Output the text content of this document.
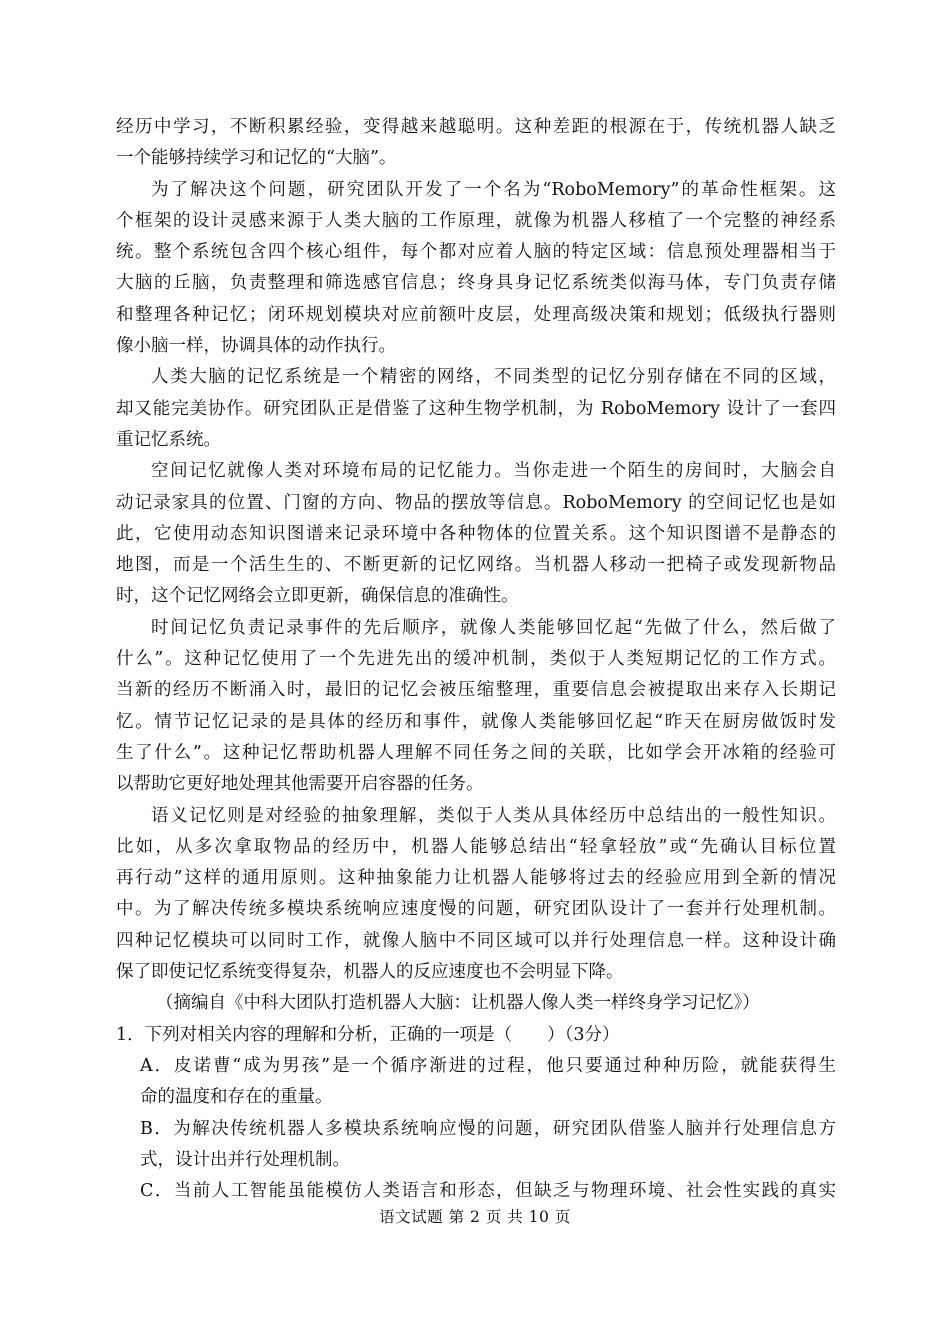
经历中学习，不断积累经验，变得越来越聪明。这种差距的根源在于，传统机器人缺乏
一个能够持续学习和记忆的“大脑”。
为了解决这个问题，研究团队开发了一个名为“RoboMemory”的革命性框架。这
个框架的设计灵感来源于人类大脑的工作原理，就像为机器人移植了一个完整的神经系
统。整个系统包含四个核心组件，每个都对应着人脑的特定区域：信息预处理器相当于
大脑的丘脑，负责整理和筛选感官信息；终身具身记忆系统类似海马体，专门负责存储
和整理各种记忆；闭环规划模块对应前额叶皮层，处理高级决策和规划；低级执行器则
像小脑一样，协调具体的动作执行。
人类大脑的记忆系统是一个精密的网络，不同类型的记忆分别存储在不同的区域，
却又能完美协作。研究团队正是借鉴了这种生物学机制，为 RoboMemory 设计了一套四
重记忆系统。
空间记忆就像人类对环境布局的记忆能力。当你走进一个陌生的房间时，大脑会自
动记录家具的位置、门窗的方向、物品的摆放等信息。RoboMemory 的空间记忆也是如
此，它使用动态知识图谱来记录环境中各种物体的位置关系。这个知识图谱不是静态的
地图，而是一个活生生的、不断更新的记忆网络。当机器人移动一把椅子或发现新物品
时，这个记忆网络会立即更新，确保信息的准确性。
时间记忆负责记录事件的先后顺序，就像人类能够回忆起“先做了什么，然后做了
什么”。这种记忆使用了一个先进先出的缓冲机制，类似于人类短期记忆的工作方式。
当新的经历不断涌入时，最旧的记忆会被压缩整理，重要信息会被提取出来存入长期记
忆。情节记忆记录的是具体的经历和事件，就像人类能够回忆起“昨天在厨房做饭时发
生了什么”。这种记忆帮助机器人理解不同任务之间的关联，比如学会开冰箱的经验可
以帮助它更好地处理其他需要开启容器的任务。
语义记忆则是对经验的抽象理解，类似于人类从具体经历中总结出的一般性知识。
比如，从多次拿取物品的经历中，机器人能够总结出“轻拿轻放”或“先确认目标位置
再行动”这样的通用原则。这种抽象能力让机器人能够将过去的经验应用到全新的情况
中。为了解决传统多模块系统响应速度慢的问题，研究团队设计了一套并行处理机制。
四种记忆模块可以同时工作，就像人脑中不同区域可以并行处理信息一样。这种设计确
保了即使记忆系统变得复杂，机器人的反应速度也不会明显下降。
（摘编自《中科大团队打造机器人大脑：让机器人像人类一样终身学习记忆》）
1．下列对相关内容的理解和分析，正确的一项是（　　）（3分）
A．皮诺曹“成为男孩”是一个循序渐进的过程，他只要通过种种历险，就能获得生
命的温度和存在的重量。
B．为解决传统机器人多模块系统响应慢的问题，研究团队借鉴人脑并行处理信息方
式，设计出并行处理机制。
C．当前人工智能虽能模仿人类语言和形态，但缺乏与物理环境、社会性实践的真实
语文试题 第 2 页 共 10 页
